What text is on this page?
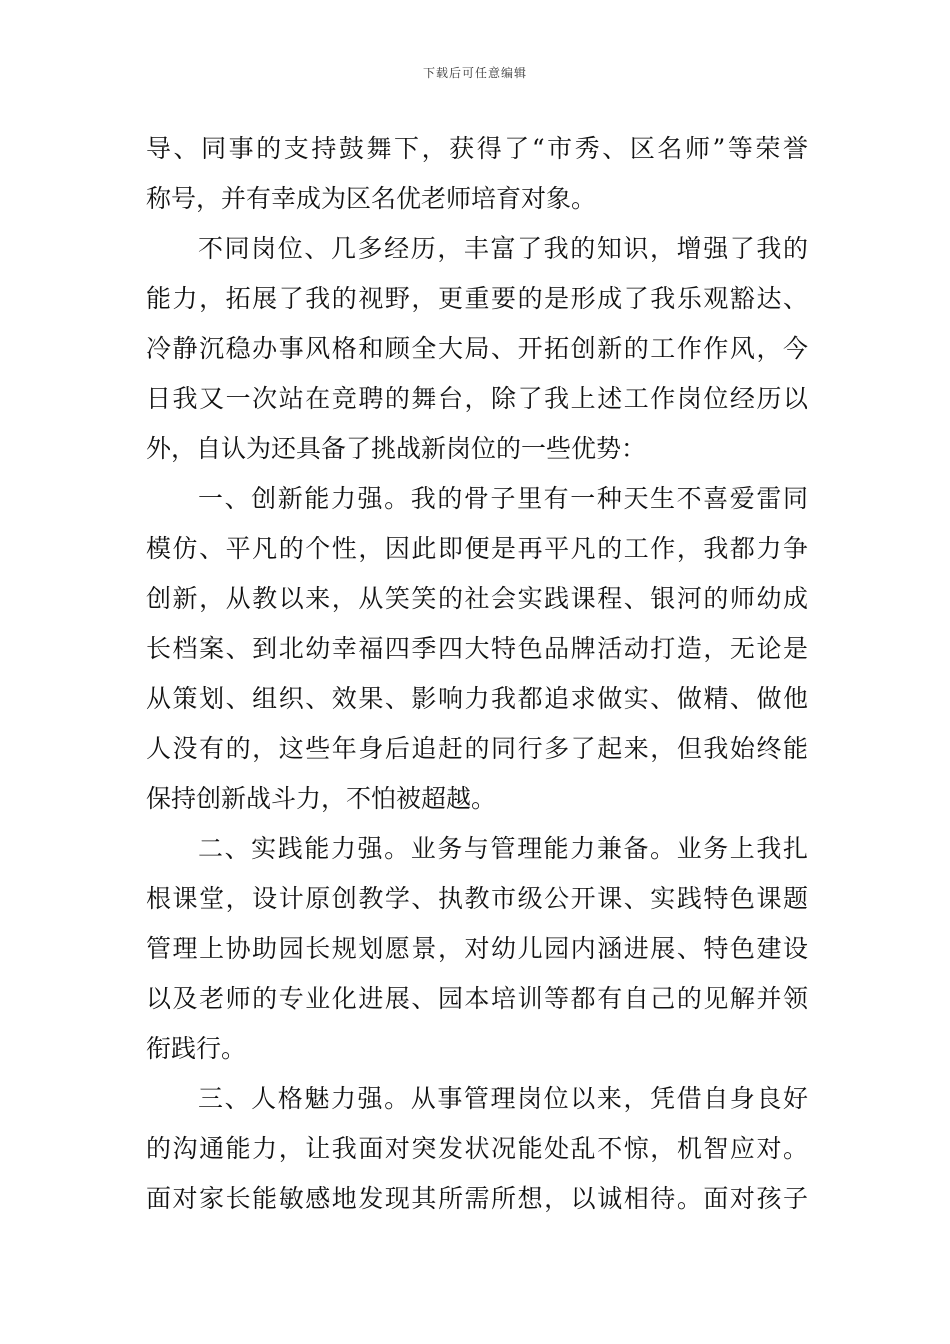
下载后可任意编辑
导、同事的支持鼓舞下，获得了“市秀、区名师”等荣誉
称号，并有幸成为区名优老师培育对象。
不同岗位、几多经历，丰富了我的知识，增强了我的
能力，拓展了我的视野，更重要的是形成了我乐观豁达、
冷静沉稳办事风格和顾全大局、开拓创新的工作作风，今
日我又一次站在竞聘的舞台，除了我上述工作岗位经历以
外，自认为还具备了挑战新岗位的一些优势：
一、创新能力强。我的骨子里有一种天生不喜爱雷同
模仿、平凡的个性，因此即便是再平凡的工作，我都力争
创新，从教以来，从笑笑的社会实践课程、银河的师幼成
长档案、到北幼幸福四季四大特色品牌活动打造，无论是
从策划、组织、效果、影响力我都追求做实、做精、做他
人没有的，这些年身后追赶的同行多了起来，但我始终能
保持创新战斗力，不怕被超越。
二、实践能力强。业务与管理能力兼备。业务上我扎
根课堂，设计原创教学、执教市级公开课、实践特色课题
管理上协助园长规划愿景，对幼儿园内涵进展、特色建设
以及老师的专业化进展、园本培训等都有自己的见解并领
衔践行。
三、人格魅力强。从事管理岗位以来，凭借自身良好
的沟通能力，让我面对突发状况能处乱不惊，机智应对。
面对家长能敏感地发现其所需所想，以诚相待。面对孩子
